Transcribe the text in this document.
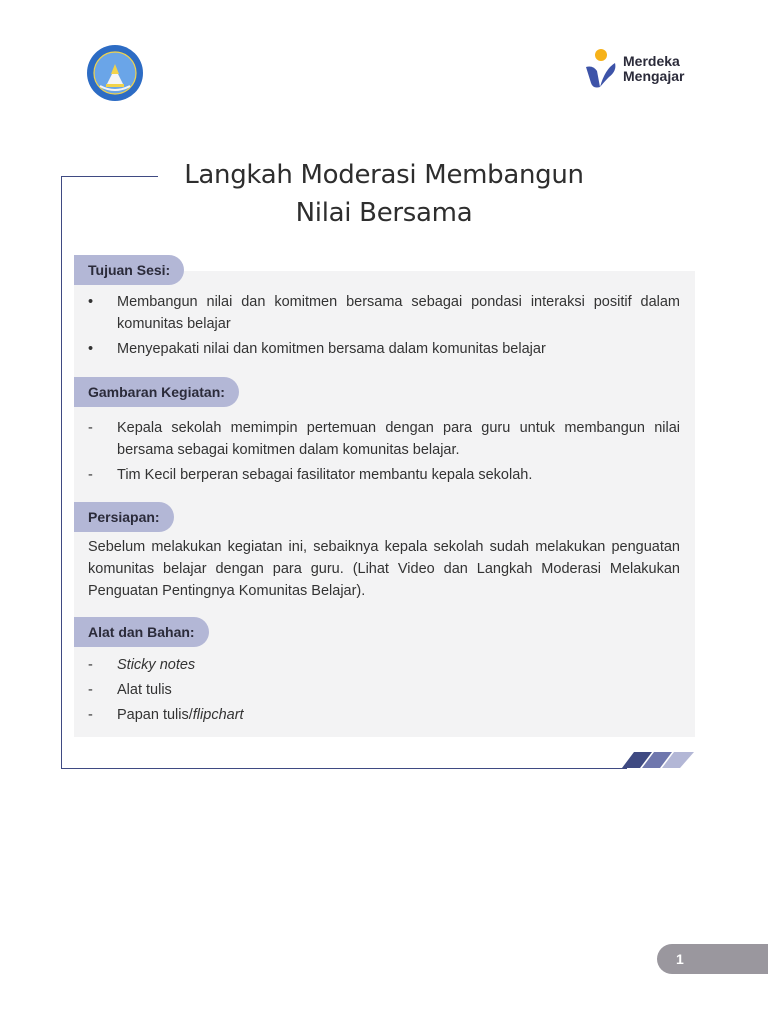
Merdeka
Mengajar
Langkah Moderasi Membangun
Nilai Bersama
Tujuan Sesi:
•	Membangun nilai dan komitmen bersama sebagai pondasi interaksi positif dalam komunitas belajar
•	Menyepakati nilai dan komitmen bersama dalam komunitas belajar
Gambaran Kegiatan:
-	Kepala sekolah memimpin pertemuan dengan para guru untuk membangun nilai bersama sebagai komitmen dalam komunitas belajar.
-	Tim Kecil berperan sebagai fasilitator membantu kepala sekolah.
Persiapan:

Sebelum melakukan kegiatan ini, sebaiknya kepala sekolah sudah melakukan penguatan komunitas belajar dengan para guru. (Lihat Video dan Langkah Moderasi Melakukan Penguatan Pentingnya Komunitas Belajar).

Alat dan Bahan:
-	Sticky notes
-	Alat tulis
-	Papan tulis/flipchart
1
